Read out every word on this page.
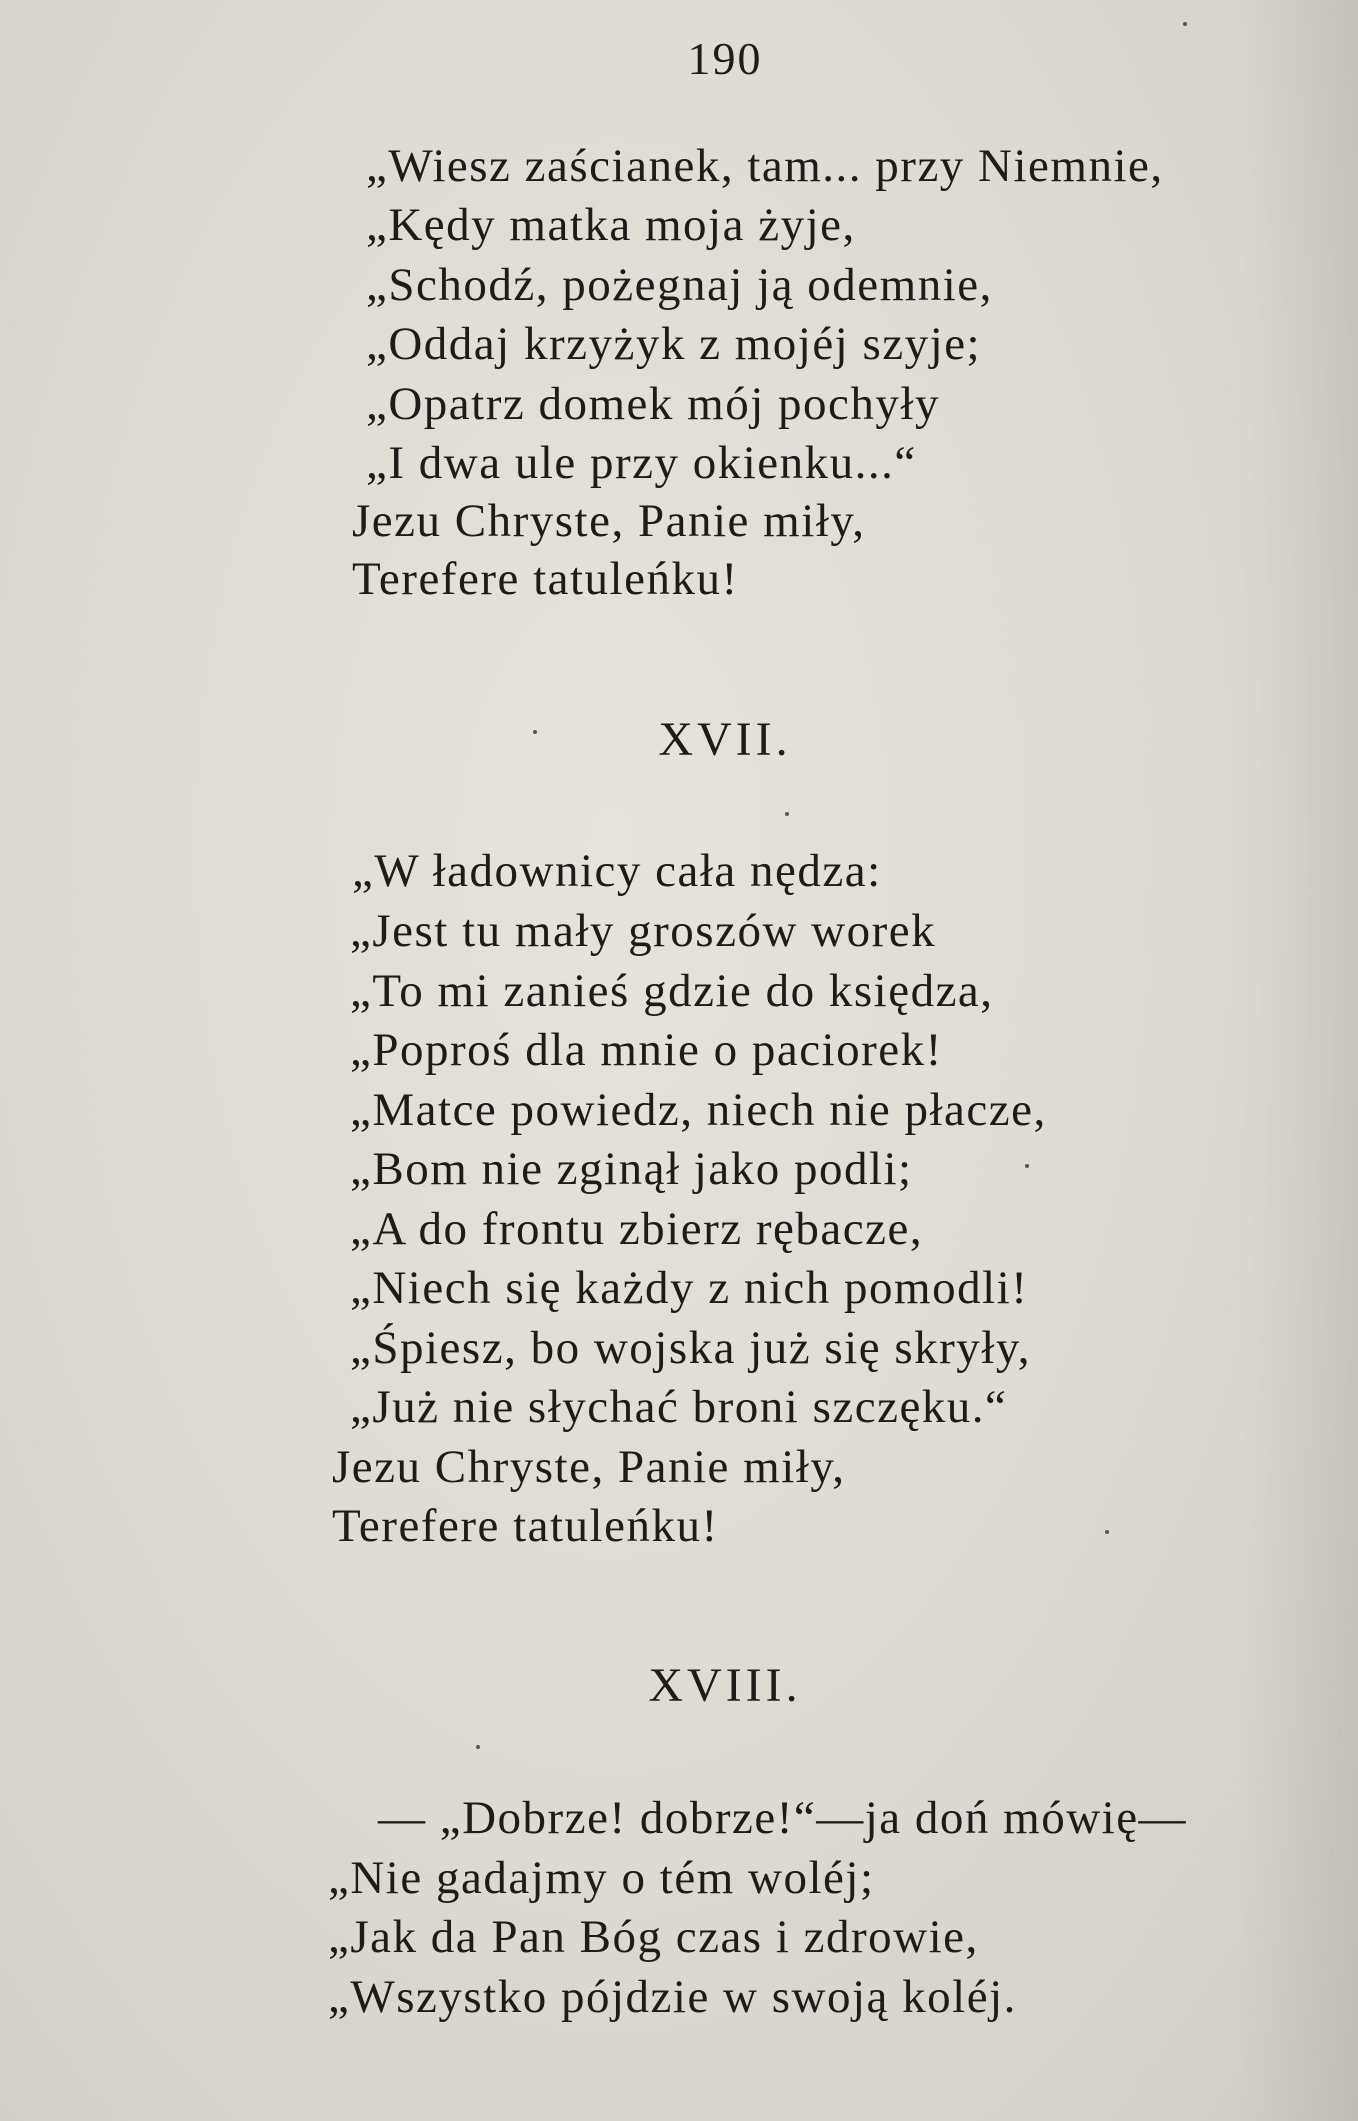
190
„Wiesz zaścianek, tam... przy Niemnie,
„Kędy matka moja żyje,
„Schodź, pożegnaj ją odemnie,
„Oddaj krzyżyk z mojéj szyje;
„Opatrz domek mój pochyły
„I dwa ule przy okienku...“
Jezu Chryste, Panie miły,
Terefere tatuleńku!
XVII.
„W ładownicy cała nędza:
„Jest tu mały groszów worek
„To mi zanieś gdzie do księdza,
„Poproś dla mnie o paciorek!
„Matce powiedz, niech nie płacze,
„Bom nie zginął jako podli;
„A do frontu zbierz rębacze,
„Niech się każdy z nich pomodli!
„Śpiesz, bo wojska już się skryły,
„Już nie słychać broni szczęku.“
Jezu Chryste, Panie miły,
Terefere tatuleńku!
XVIII.
— „Dobrze! dobrze!“—ja doń mówię—
„Nie gadajmy o tém woléj;
„Jak da Pan Bóg czas i zdrowie,
„Wszystko pójdzie w swoją koléj.
